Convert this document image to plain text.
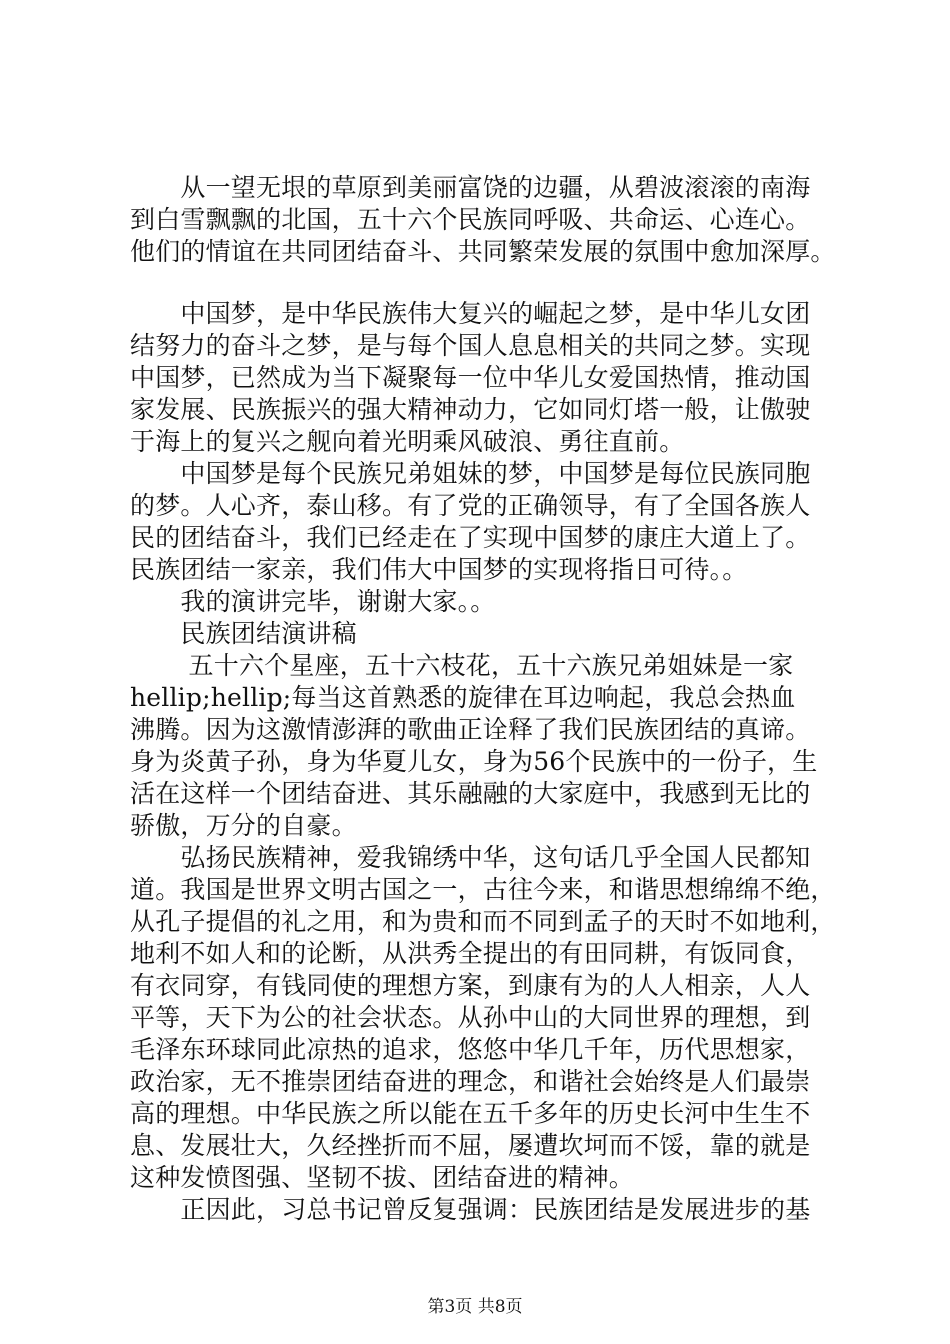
　　从一望无垠的草原到美丽富饶的边疆，从碧波滚滚的南海
到白雪飘飘的北国，五十六个民族同呼吸、共命运、心连心。
他们的情谊在共同团结奋斗、共同繁荣发展的氛围中愈加深厚。
　　中国梦，是中华民族伟大复兴的崛起之梦，是中华儿女团
结努力的奋斗之梦，是与每个国人息息相关的共同之梦。实现
中国梦，已然成为当下凝聚每一位中华儿女爱国热情，推动国
家发展、民族振兴的强大精神动力，它如同灯塔一般，让傲驶
于海上的复兴之舰向着光明乘风破浪、勇往直前。
　　中国梦是每个民族兄弟姐妹的梦，中国梦是每位民族同胞
的梦。人心齐，泰山移。有了党的正确领导，有了全国各族人
民的团结奋斗，我们已经走在了实现中国梦的康庄大道上了。
民族团结一家亲，我们伟大中国梦的实现将指日可待。。
　　我的演讲完毕，谢谢大家。。
　　民族团结演讲稿
　　 五十六个星座，五十六枝花，五十六族兄弟姐妹是一家
hellip;hellip;每当这首熟悉的旋律在耳边响起，我总会热血
沸腾。因为这激情澎湃的歌曲正诠释了我们民族团结的真谛。
身为炎黄子孙，身为华夏儿女，身为56个民族中的一份子，生
活在这样一个团结奋进、其乐融融的大家庭中，我感到无比的
骄傲，万分的自豪。
　　弘扬民族精神，爱我锦绣中华，这句话几乎全国人民都知
道。我国是世界文明古国之一，古往今来，和谐思想绵绵不绝，
从孔子提倡的礼之用，和为贵和而不同到孟子的天时不如地利，
地利不如人和的论断，从洪秀全提出的有田同耕，有饭同食，
有衣同穿，有钱同使的理想方案，到康有为的人人相亲，人人
平等，天下为公的社会状态。从孙中山的大同世界的理想，到
毛泽东环球同此凉热的追求，悠悠中华几千年，历代思想家，
政治家，无不推崇团结奋进的理念，和谐社会始终是人们最崇
高的理想。中华民族之所以能在五千多年的历史长河中生生不
息、发展壮大，久经挫折而不屈，屡遭坎坷而不馁，靠的就是
这种发愤图强、坚韧不拔、团结奋进的精神。
　　正因此，习总书记曾反复强调：民族团结是发展进步的基
第3页 共8页
